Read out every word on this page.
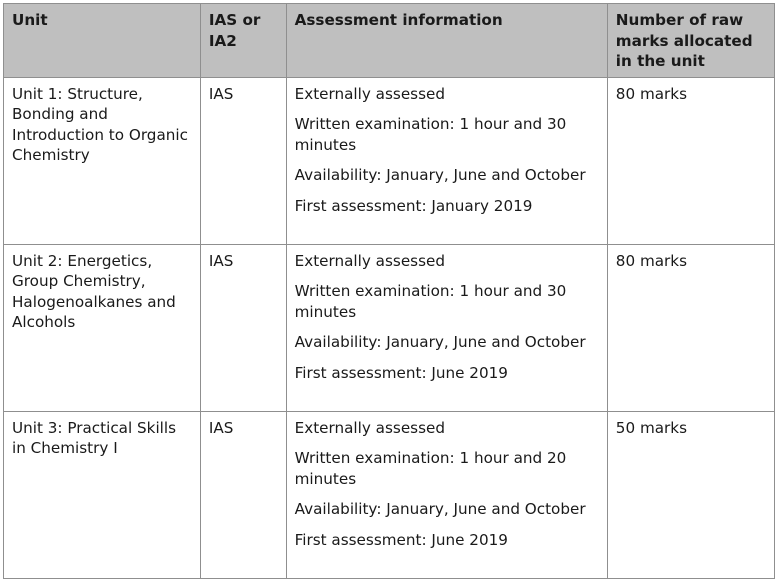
Unit	IAS or IA2	Assessment information	Number of raw marks allocated in the unit
Unit 1: Structure, Bonding and Introduction to Organic Chemistry	IAS	Externally assessed

Written examination: 1 hour and 30 minutes

Availability: January, June and October

First assessment: January 2019	80 marks
Unit 2: Energetics, Group Chemistry, Halogenoalkanes and Alcohols	IAS	Externally assessed

Written examination: 1 hour and 30 minutes

Availability: January, June and October

First assessment: June 2019	80 marks
Unit 3: Practical Skills in Chemistry I	IAS	Externally assessed

Written examination: 1 hour and 20 minutes

Availability: January, June and October

First assessment: June 2019	50 marks
